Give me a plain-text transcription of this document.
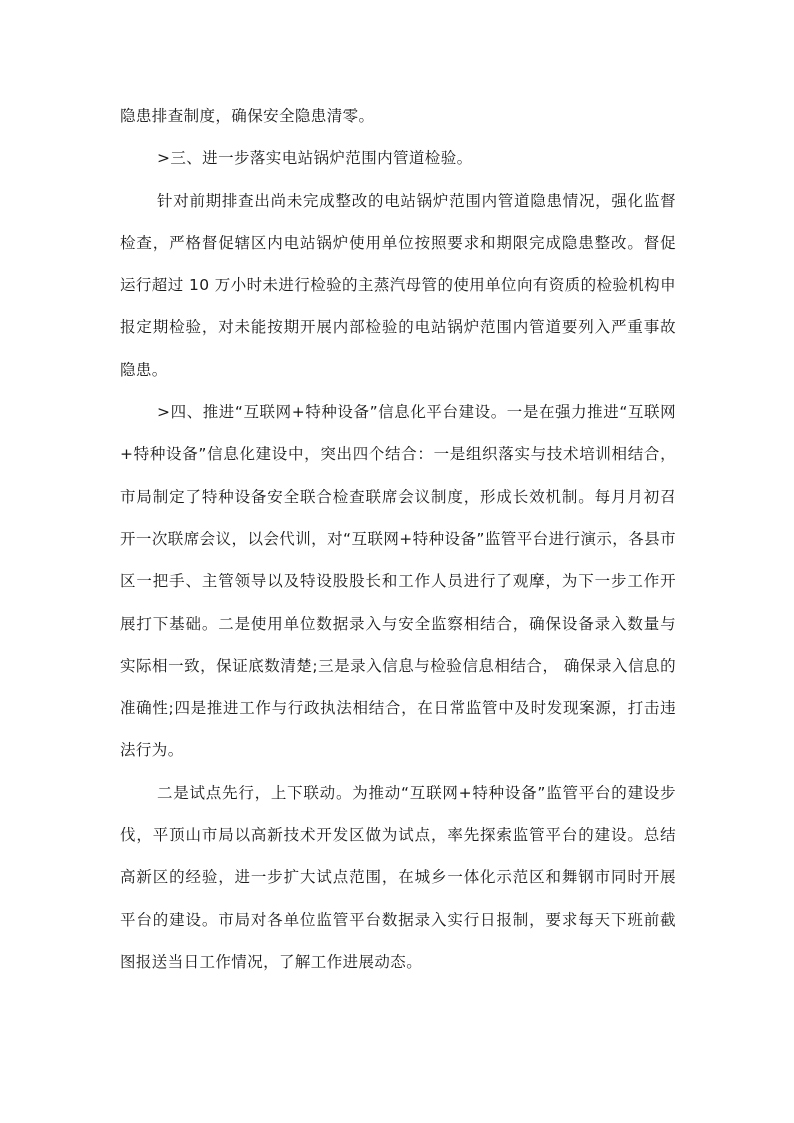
隐患排查制度，确保安全隐患清零。

>三、进一步落实电站锅炉范围内管道检验。

针对前期排查出尚未完成整改的电站锅炉范围内管道隐患情况，强化监督检查，严格督促辖区内电站锅炉使用单位按照要求和期限完成隐患整改。督促运行超过 10 万小时未进行检验的主蒸汽母管的使用单位向有资质的检验机构申报定期检验，对未能按期开展内部检验的电站锅炉范围内管道要列入严重事故隐患。

>四、推进“互联网+特种设备”信息化平台建设。一是在强力推进“互联网+特种设备”信息化建设中，突出四个结合：一是组织落实与技术培训相结合，市局制定了特种设备安全联合检查联席会议制度，形成长效机制。每月月初召开一次联席会议，以会代训，对“互联网+特种设备”监管平台进行演示，各县市区一把手、主管领导以及特设股股长和工作人员进行了观摩，为下一步工作开展打下基础。二是使用单位数据录入与安全监察相结合，确保设备录入数量与实际相一致，保证底数清楚;三是录入信息与检验信息相结合， 确保录入信息的准确性;四是推进工作与行政执法相结合，在日常监管中及时发现案源，打击违法行为。

二是试点先行，上下联动。为推动“互联网+特种设备”监管平台的建设步伐，平顶山市局以高新技术开发区做为试点，率先探索监管平台的建设。总结高新区的经验，进一步扩大试点范围，在城乡一体化示范区和舞钢市同时开展平台的建设。市局对各单位监管平台数据录入实行日报制，要求每天下班前截图报送当日工作情况，了解工作进展动态。
